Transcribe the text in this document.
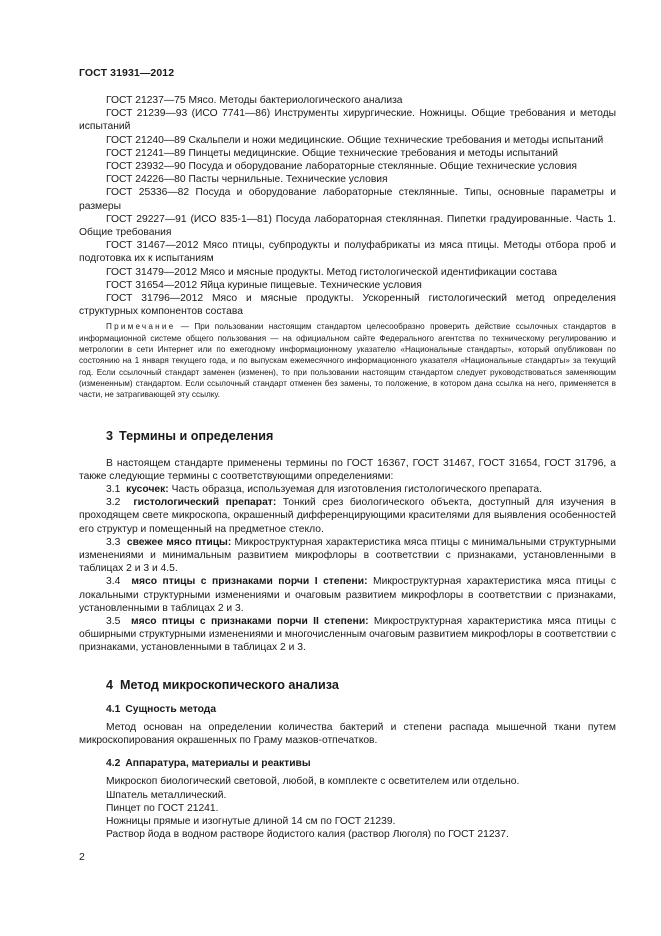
ГОСТ 31931—2012

ГОСТ 21237—75 Мясо. Методы бактериологического анализа

ГОСТ 21239—93 (ИСО 7741—86) Инструменты хирургические. Ножницы. Общие требования и методы испытаний

ГОСТ 21240—89 Скальпели и ножи медицинские. Общие технические требования и методы испытаний

ГОСТ 21241—89 Пинцеты медицинские. Общие технические требования и методы испытаний

ГОСТ 23932—90 Посуда и оборудование лабораторные стеклянные. Общие технические условия

ГОСТ 24226—80 Пасты чернильные. Технические условия

ГОСТ 25336—82 Посуда и оборудование лабораторные стеклянные. Типы, основные параметры и размеры

ГОСТ 29227—91 (ИСО 835-1—81) Посуда лабораторная стеклянная. Пипетки градуированные. Часть 1. Общие требования

ГОСТ 31467—2012 Мясо птицы, субпродукты и полуфабрикаты из мяса птицы. Методы отбора проб и подготовка их к испытаниям

ГОСТ 31479—2012 Мясо и мясные продукты. Метод гистологической идентификации состава

ГОСТ 31654—2012 Яйца куриные пищевые. Технические условия

ГОСТ 31796—2012 Мясо и мясные продукты. Ускоренный гистологический метод определения структурных компонентов состава

Примечание — При пользовании настоящим стандартом целесообразно проверить действие ссылочных стандартов в информационной системе общего пользования — на официальном сайте Федерального агентства по техническому регулированию и метрологии в сети Интернет или по ежегодному информационному указателю «Национальные стандарты», который опубликован по состоянию на 1 января текущего года, и по выпускам ежемесячного информационного указателя «Национальные стандарты» за текущий год. Если ссылочный стандарт заменен (изменен), то при пользовании настоящим стандартом следует руководствоваться заменяющим (измененным) стандартом. Если ссылочный стандарт отменен без замены, то положение, в котором дана ссылка на него, применяется в части, не затрагивающей эту ссылку.

3 Термины и определения

В настоящем стандарте применены термины по ГОСТ 16367, ГОСТ 31467, ГОСТ 31654, ГОСТ 31796, а также следующие термины с соответствующими определениями:

3.1 кусочек: Часть образца, используемая для изготовления гистологического препарата.

3.2 гистологический препарат: Тонкий срез биологического объекта, доступный для изучения в проходящем свете микроскопа, окрашенный дифференцирующими красителями для выявления особенностей его структур и помещенный на предметное стекло.

3.3 свежее мясо птицы: Микроструктурная характеристика мяса птицы с минимальными структурными изменениями и минимальным развитием микрофлоры в соответствии с признаками, установленными в таблицах 2 и 3 и 4.5.

3.4 мясо птицы с признаками порчи I степени: Микроструктурная характеристика мяса птицы с локальными структурными изменениями и очаговым развитием микрофлоры в соответствии с признаками, установленными в таблицах 2 и 3.

3.5 мясо птицы с признаками порчи II степени: Микроструктурная характеристика мяса птицы с обширными структурными изменениями и многочисленным очаговым развитием микрофлоры в соответствии с признаками, установленными в таблицах 2 и 3.

4 Метод микроскопического анализа
4.1 Сущность метода

Метод основан на определении количества бактерий и степени распада мышечной ткани путем микроскопирования окрашенных по Граму мазков-отпечатков.

4.2 Аппаратура, материалы и реактивы

Микроскоп биологический световой, любой, в комплекте с осветителем или отдельно.

Шпатель металлический.

Пинцет по ГОСТ 21241.

Ножницы прямые и изогнутые длиной 14 см по ГОСТ 21239.

Раствор йода в водном растворе йодистого калия (раствор Люголя) по ГОСТ 21237.

2
